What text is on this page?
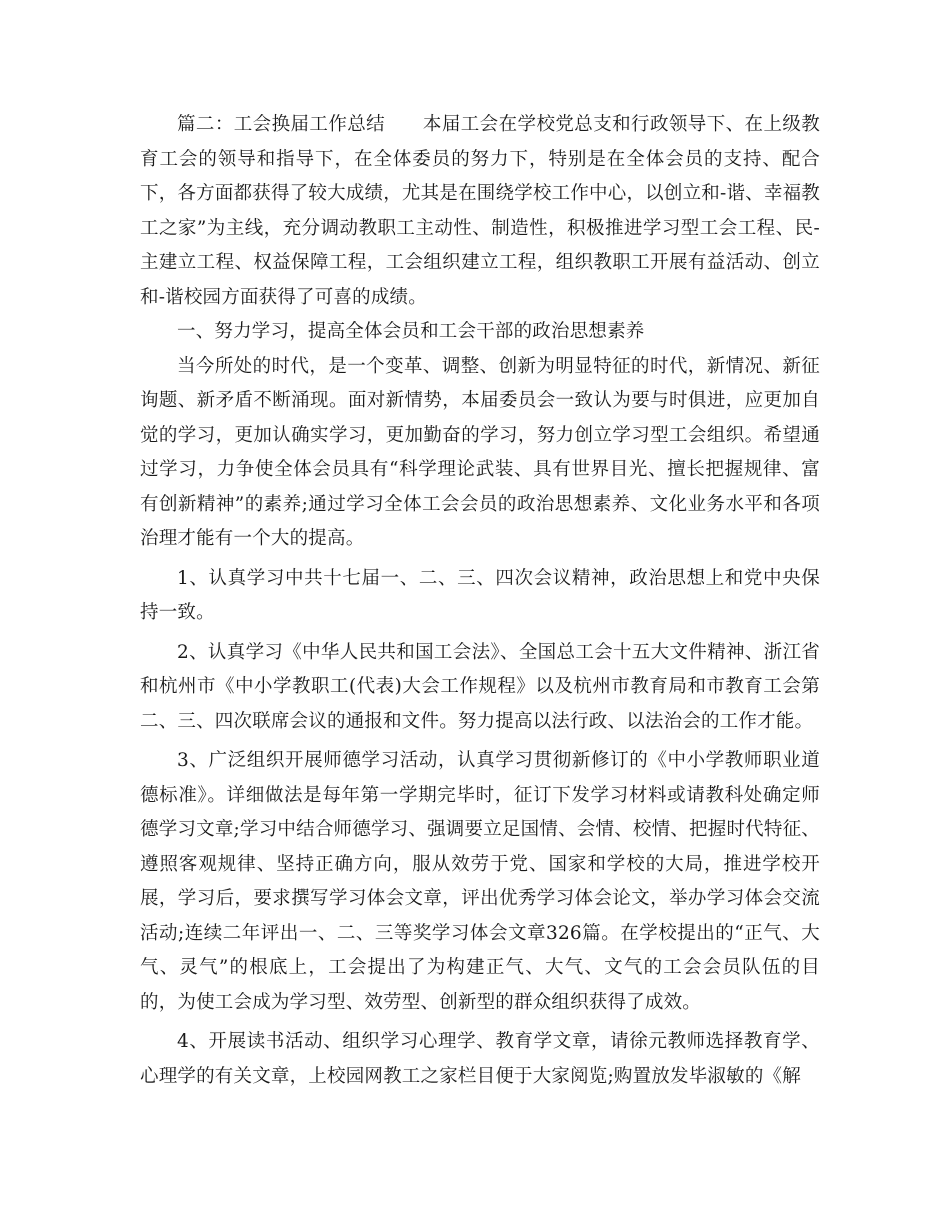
篇二：工会换届工作总结　　本届工会在学校党总支和行政领导下、在上级教育工会的领导和指导下，在全体委员的努力下，特别是在全体会员的支持、配合下，各方面都获得了较大成绩，尤其是在围绕学校工作中心，以创立和-谐、幸福教工之家”为主线，充分调动教职工主动性、制造性，积极推进学习型工会工程、民-主建立工程、权益保障工程，工会组织建立工程，组织教职工开展有益活动、创立和-谐校园方面获得了可喜的成绩。

一、努力学习，提高全体会员和工会干部的政治思想素养

当今所处的时代，是一个变革、调整、创新为明显特征的时代，新情况、新征询题、新矛盾不断涌现。面对新情势，本届委员会一致认为要与时俱进，应更加自觉的学习，更加认确实学习，更加勤奋的学习，努力创立学习型工会组织。希望通过学习，力争使全体会员具有“科学理论武装、具有世界目光、擅长把握规律、富有创新精神”的素养;通过学习全体工会会员的政治思想素养、文化业务水平和各项治理才能有一个大的提高。

1、认真学习中共十七届一、二、三、四次会议精神，政治思想上和党中央保持一致。

2、认真学习《中华人民共和国工会法》、全国总工会十五大文件精神、浙江省和杭州市《中小学教职工(代表)大会工作规程》以及杭州市教育局和市教育工会第二、三、四次联席会议的通报和文件。努力提高以法行政、以法治会的工作才能。

3、广泛组织开展师德学习活动，认真学习贯彻新修订的《中小学教师职业道德标准》。详细做法是每年第一学期完毕时，征订下发学习材料或请教科处确定师德学习文章;学习中结合师德学习、强调要立足国情、会情、校情、把握时代特征、遵照客观规律、坚持正确方向，服从效劳于党、国家和学校的大局，推进学校开展，学习后，要求撰写学习体会文章，评出优秀学习体会论文，举办学习体会交流活动;连续二年评出一、二、三等奖学习体会文章326篇。在学校提出的“正气、大气、灵气”的根底上，工会提出了为构建正气、大气、文气的工会会员队伍的目的，为使工会成为学习型、效劳型、创新型的群众组织获得了成效。

4、开展读书活动、组织学习心理学、教育学文章，请徐元教师选择教育学、心理学的有关文章，上校园网教工之家栏目便于大家阅览;购置放发毕淑敏的《解
